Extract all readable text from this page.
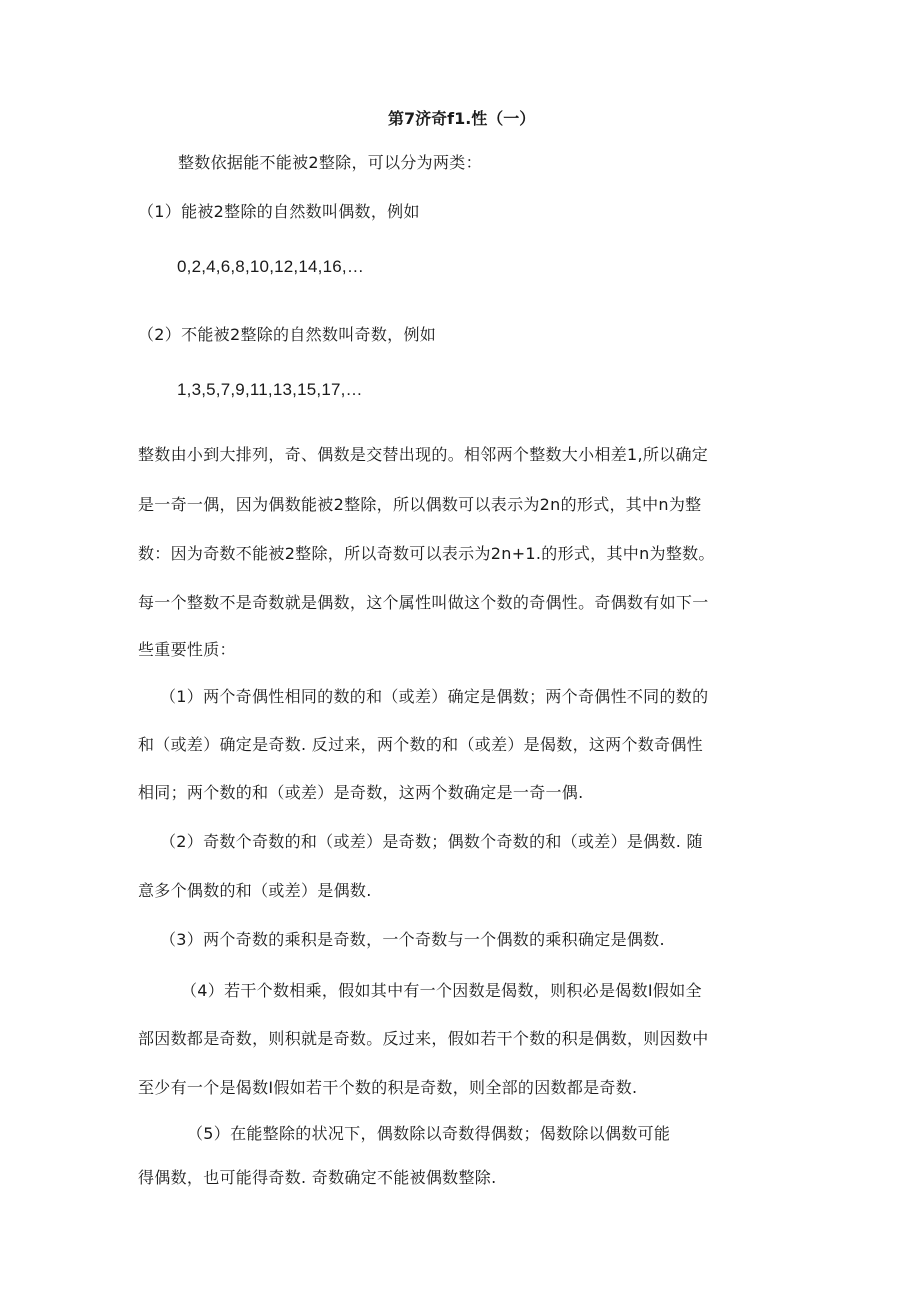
第7济奇f1.性（一）
整数依据能不能被2整除，可以分为两类：
（1）能被2整除的自然数叫偶数，例如
0,2,4,6,8,10,12,14,16,…
（2）不能被2整除的自然数叫奇数，例如
1,3,5,7,9,11,13,15,17,…
整数由小到大排列，奇、偶数是交替出现的。相邻两个整数大小相差1,所以确定
是一奇一偶，因为偶数能被2整除，所以偶数可以表示为2n的形式，其中n为整
数：因为奇数不能被2整除，所以奇数可以表示为2n+1.的形式，其中n为整数。
每一个整数不是奇数就是偶数，这个属性叫做这个数的奇偶性。奇偶数有如下一
些重要性质：
（1）两个奇偶性相同的数的和（或差）确定是偶数；两个奇偶性不同的数的
和（或差）确定是奇数. 反过来，两个数的和（或差）是偈数，这两个数奇偶性
相同；两个数的和（或差）是奇数，这两个数确定是一奇一偶.
（2）奇数个奇数的和（或差）是奇数；偶数个奇数的和（或差）是偶数. 随
意多个偶数的和（或差）是偶数.
（3）两个奇数的乘积是奇数，一个奇数与一个偶数的乘积确定是偶数.
（4）若干个数相乘，假如其中有一个因数是偈数，则积必是偈数I假如全
部因数都是奇数，则积就是奇数。反过来，假如若干个数的积是偶数，则因数中
至少有一个是偈数I假如若干个数的积是奇数，则全部的因数都是奇数.
（5）在能整除的状况下，偶数除以奇数得偶数；偈数除以偶数可能
得偶数，也可能得奇数. 奇数确定不能被偶数整除.
